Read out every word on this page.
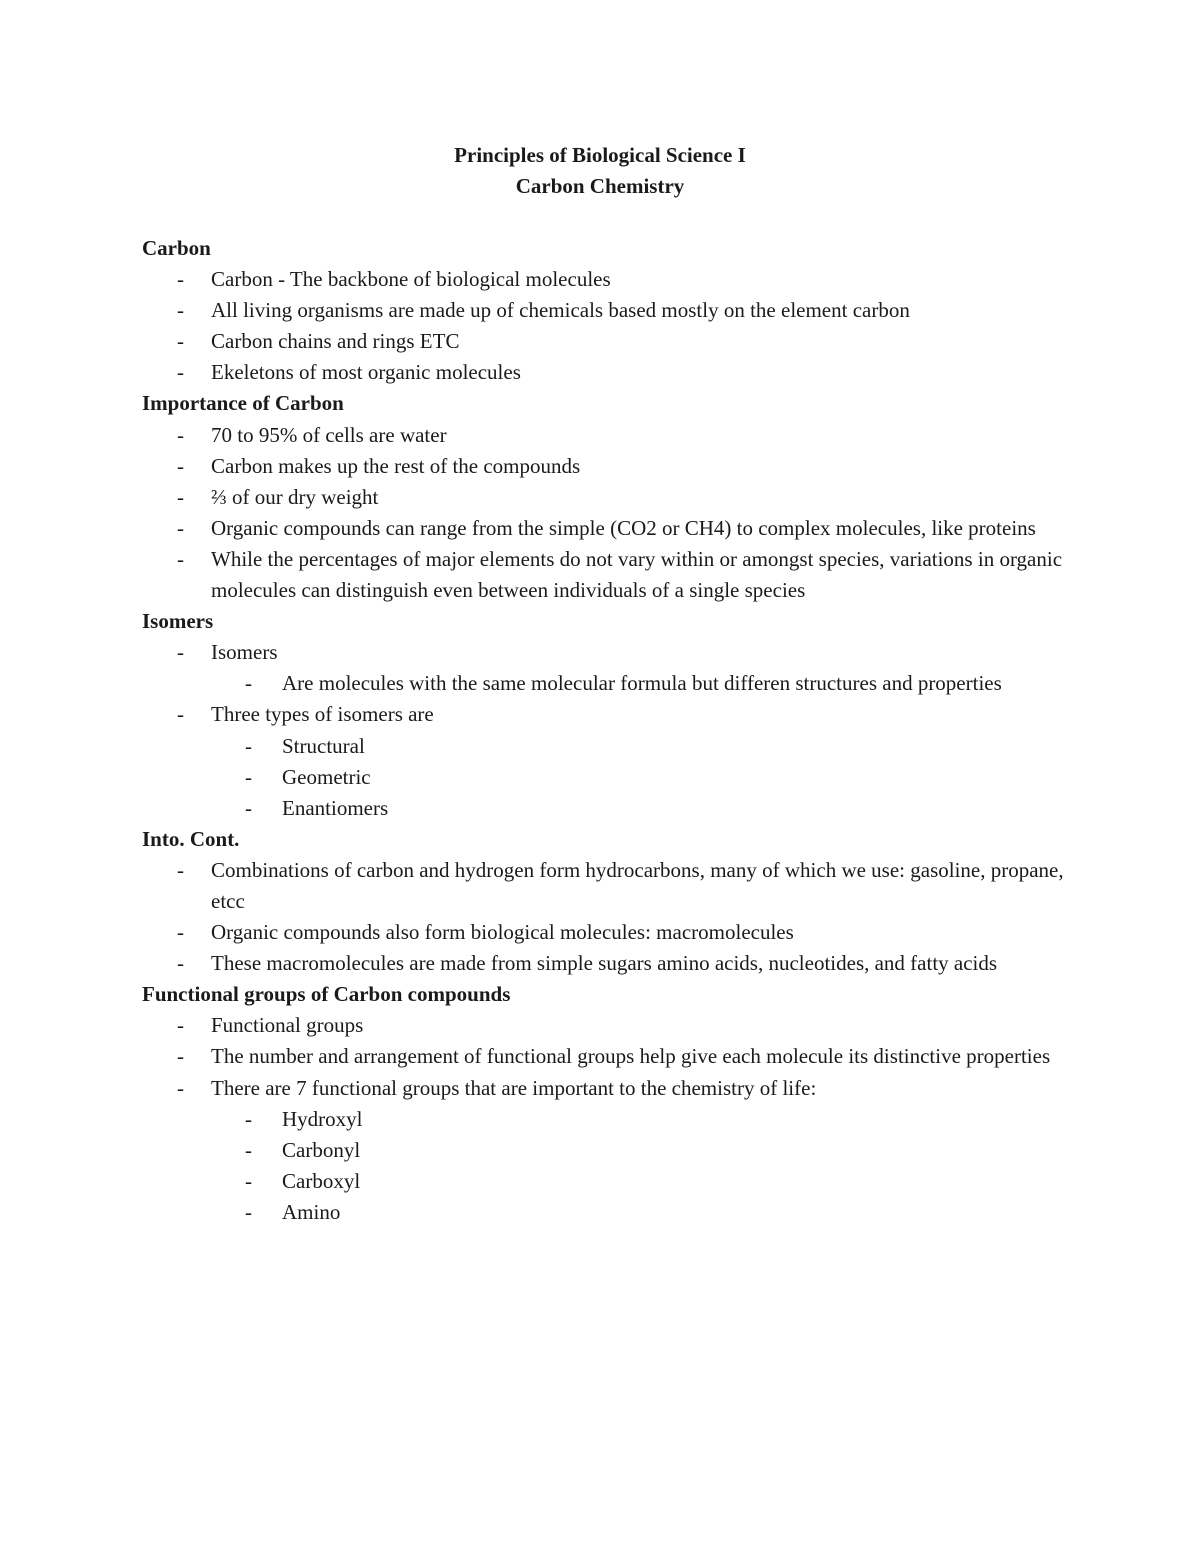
Principles of Biological Science I
Carbon Chemistry
Carbon
- Carbon - The backbone of biological molecules
- All living organisms are made up of chemicals based mostly on the element carbon
- Carbon chains and rings ETC
- Ekeletons of most organic molecules
Importance of Carbon
- 70 to 95% of cells are water
- Carbon makes up the rest of the compounds
- ⅔ of our dry weight
- Organic compounds can range from the simple (CO2 or CH4) to complex molecules, like proteins
- While the percentages of major elements do not vary within or amongst species, variations in organic molecules can distinguish even between individuals of a single species
Isomers
- Isomers
- Are molecules with the same molecular formula but differen structures and properties
- Three types of isomers are
- Structural
- Geometric
- Enantiomers
Into. Cont.
- Combinations of carbon and hydrogen form hydrocarbons, many of which we use: gasoline, propane, etcc
- Organic compounds also form biological molecules: macromolecules
- These macromolecules are made from simple sugars amino acids, nucleotides, and fatty acids
Functional groups of Carbon compounds
- Functional groups
- The number and arrangement of functional groups help give each molecule its distinctive properties
- There are 7 functional groups that are important to the chemistry of life:
- Hydroxyl
- Carbonyl
- Carboxyl
- Amino
